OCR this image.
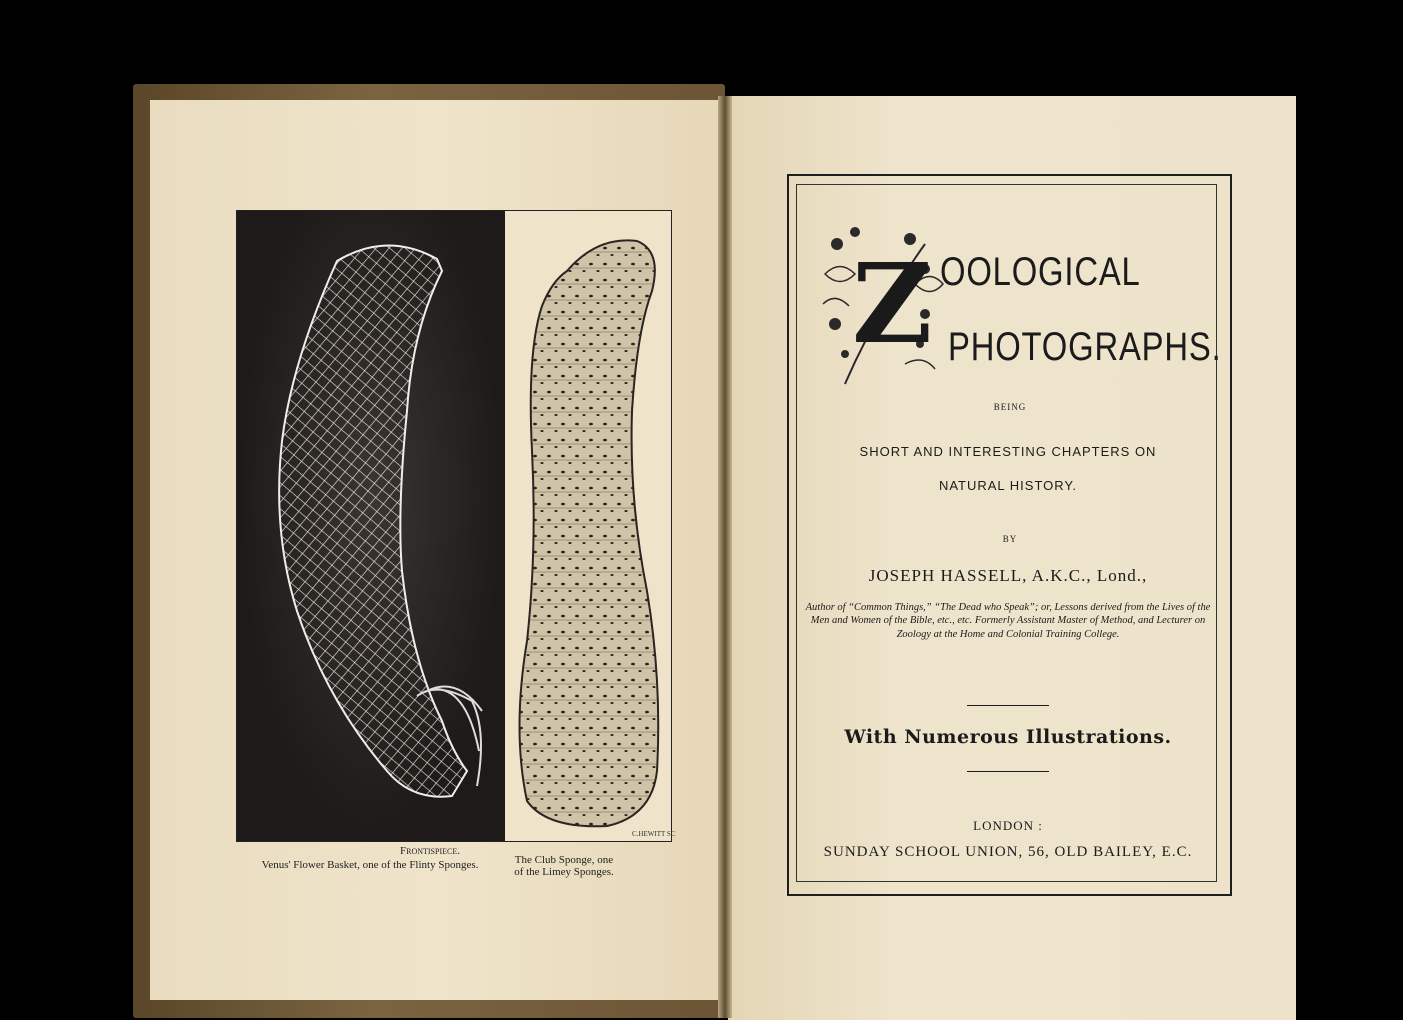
C.HEWITT SC
Frontispiece.
Venus' Flower Basket, one of the Flinty Sponges.	The Club Sponge, one of the Limey Sponges.
Z OOLOGICAL
PHOTOGRAPHS.
BEING
SHORT AND INTERESTING CHAPTERS ON
NATURAL HISTORY.
BY
JOSEPH HASSELL, A.K.C., Lond.,
Author of “Common Things,” “The Dead who Speak”; or, Lessons derived from the Lives of the Men and Women of the Bible, etc., etc. Formerly Assistant Master of Method, and Lecturer on Zoology at the Home and Colonial Training College.
With Numerous Illustrations.
LONDON :
SUNDAY SCHOOL UNION, 56, OLD BAILEY, E.C.
